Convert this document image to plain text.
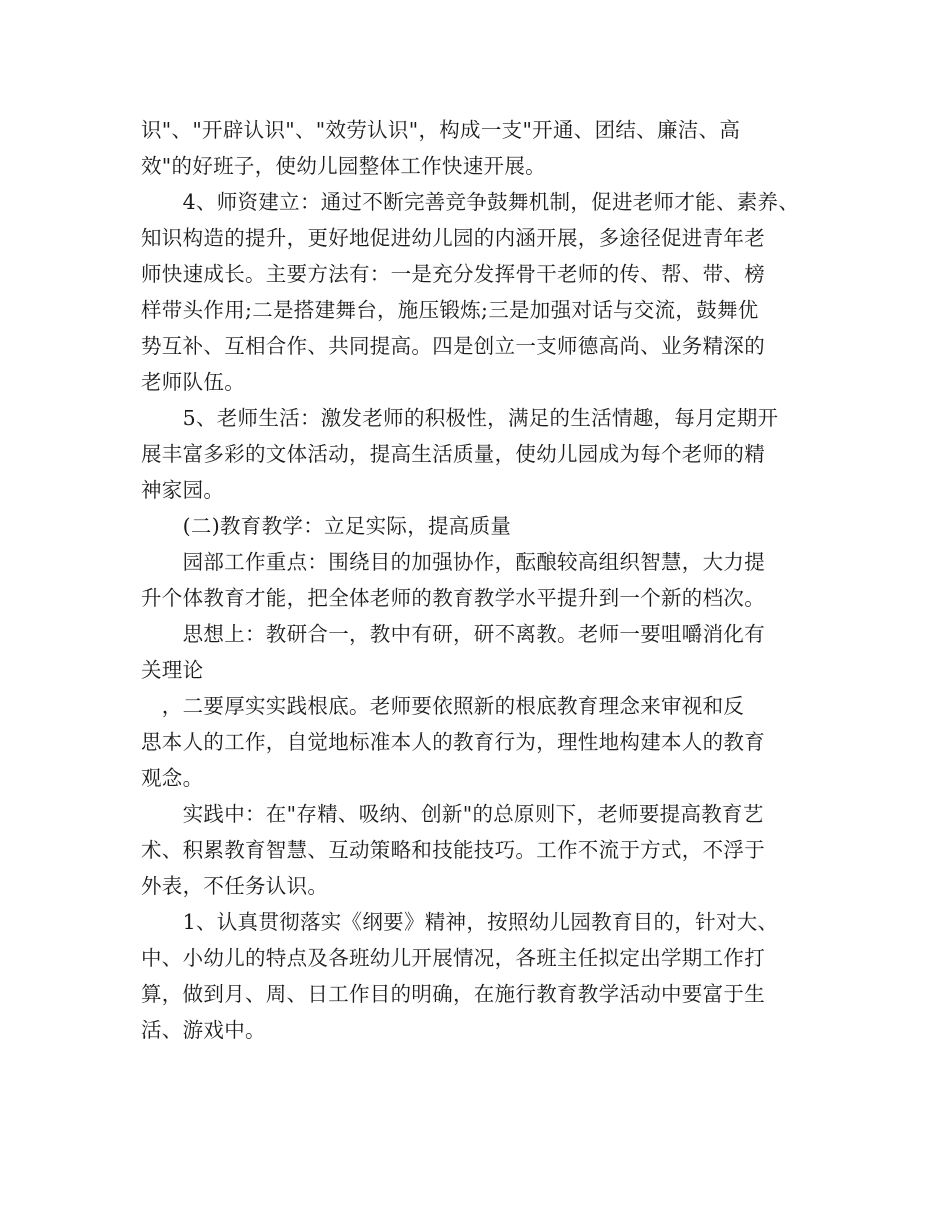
识"、"开辟认识"、"效劳认识"，构成一支"开通、团结、廉洁、高
效"的好班子，使幼儿园整体工作快速开展。
　　4、师资建立：通过不断完善竞争鼓舞机制，促进老师才能、素养、
知识构造的提升，更好地促进幼儿园的内涵开展，多途径促进青年老
师快速成长。主要方法有：一是充分发挥骨干老师的传、帮、带、榜
样带头作用;二是搭建舞台，施压锻炼;三是加强对话与交流，鼓舞优
势互补、互相合作、共同提高。四是创立一支师德高尚、业务精深的
老师队伍。
　　5、老师生活：激发老师的积极性，满足的生活情趣，每月定期开
展丰富多彩的文体活动，提高生活质量，使幼儿园成为每个老师的精
神家园。
　　(二)教育教学：立足实际，提高质量
　　园部工作重点：围绕目的加强协作，酝酿较高组织智慧，大力提
升个体教育才能，把全体老师的教育教学水平提升到一个新的档次。
　　思想上：教研合一，教中有研，研不离教。老师一要咀嚼消化有
关理论
　，二要厚实实践根底。老师要依照新的根底教育理念来审视和反
思本人的工作，自觉地标准本人的教育行为，理性地构建本人的教育
观念。
　　实践中：在"存精、吸纳、创新"的总原则下，老师要提高教育艺
术、积累教育智慧、互动策略和技能技巧。工作不流于方式，不浮于
外表，不任务认识。
　　1、认真贯彻落实《纲要》精神，按照幼儿园教育目的，针对大、
中、小幼儿的特点及各班幼儿开展情况，各班主任拟定出学期工作打
算，做到月、周、日工作目的明确，在施行教育教学活动中要富于生
活、游戏中。
